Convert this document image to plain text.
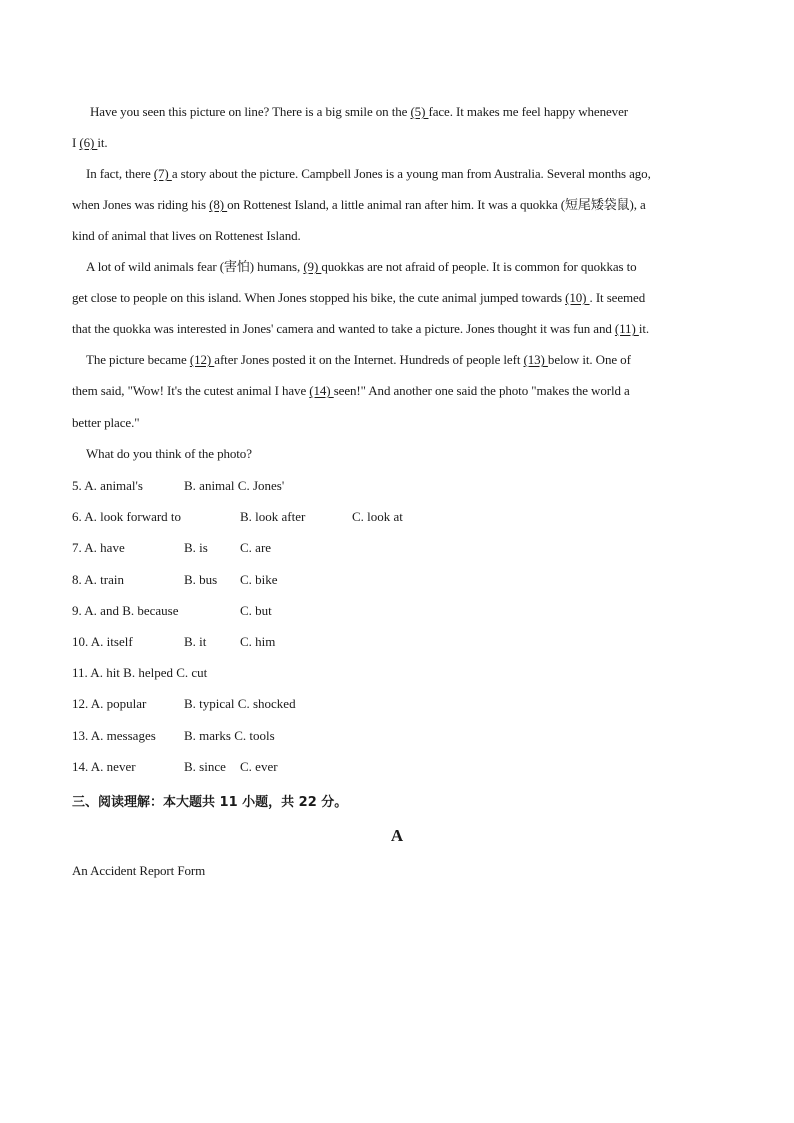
Have you seen this picture on line? There is a big smile on the (5) face. It makes me feel happy whenever
I (6) it.
In fact, there (7) a story about the picture. Campbell Jones is a young man from Australia. Several months ago,
when Jones was riding his (8) on Rottenest Island, a little animal ran after him. It was a quokka (短尾矮袋鼠), a
kind of animal that lives on Rottenest Island.
A lot of wild animals fear (害怕) humans, (9) quokkas are not afraid of people. It is common for quokkas to
get close to people on this island. When Jones stopped his bike, the cute animal jumped towards (10) . It seemed
that the quokka was interested in Jones' camera and wanted to take a picture. Jones thought it was fun and (11) it.
The picture became (12) after Jones posted it on the Internet. Hundreds of people left (13) below it. One of
them said, "Wow! It's the cutest animal I have (14) seen!" And another one said the photo "makes the world a
better place."
What do you think of the photo?
5. A. animal's	B. animal C. Jones'
6. A. look forward to	B. look after	C. look at
7. A. have	B. is C. are
8. A. train	B. bus C. bike
9. A. and B. because	C. but
10. A. itself	B. it	C. him
11. A. hit B. helped C. cut
12. A. popular	B. typical C. shocked
13. A. messages B. marks C. tools
14. A. never	B. since C. ever
三、阅读理解：本大题共 11 小题，共 22 分。
A
An Accident Report Form
